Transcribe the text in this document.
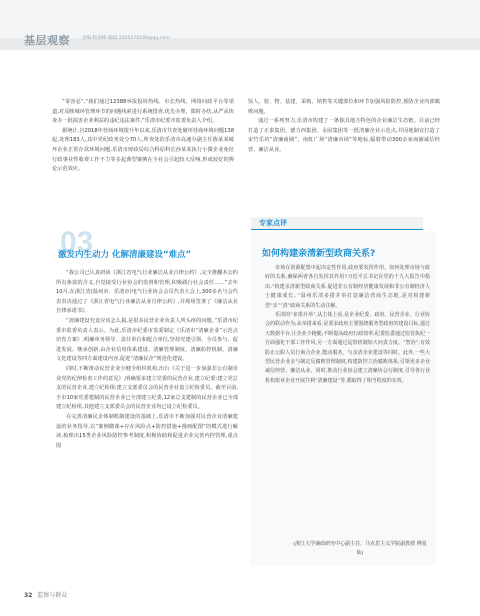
基层观察	责编:程海峰 邮箱:2005470149@qq.com

“零容忍”,“我们通过12388举报投诉热线、市长热线、网络问政平台等渠道,对反映城环管理环节的问题线索进行系统排查,优先办理、限时办结,从严从快查办一批损害企业利益的违纪违法案件,”乐清市纪委市监委负责人介绍。

据统计,自2018年营商环境提升年以来,乐清市共查处破坏营商环境问题138起,处理183人,其中党纪政务处分70人,所查处的乐清市高速办副主任陈某某破坏企业正常存款环境问题,乐清市财政局综合科原科长孙某某执行小微企业免征行政事业性收费工作不力等多起典型案例在全社会引起较大反响,形成较好的舆论示范效应。

饭人、射、物、基建、采购、销售等关键部位和环节加强风险防控,预防企业内部腐败问题。

通过一系列努力,乐清市构建了一条独具地方特色的企业廉洁生态链。目前已经打造了正泰集团、德力西集团、永固集团等一批清廉企业示范点,并因地制宜打造了宋竹乐坊“清廉商圈”、南虹广场“清廉市场”等地标,辐射带动300余家商铺诚信经营、廉洁从业。

03
激发内生动力 化解清廉建设“难点”

“我公司已认真研读《浙江省电气行业廉洁从业自律公约》,完全推翻本公约所有条款的含义,自觉接受行业协会的监督和管理,积极践行社会责任……”去年10月,在浙江省(温州市、乐清市)电气行业协会会员代表大会上,300多名与会代表表决通过了《浙江省电气行业廉洁从业自律公约》,并现场签署了《廉洁从业自律承诺书》。

“清廉建设究竟应该怎么搞,是很多民营企业负责人所头疼的问题。”乐清市纪委市监委负责人表示。为此,乐清市纪委市监委制定《乐清市“清廉企业”示范点培育方案》,明确单务领导、责任单位和配合单位,坚持党建引领、全员参与、促进发展、继承创新,由企业信用体系建设、清廉管理制度、清廉防控机制、清廉文化建设等四方面建设内容,促进“清廉民企”规范化建设。

同时,不断推动民营企业全健全组织机构,出台《关于进一步加强非公有制企业党的纪律检查工作的意见》,明确要求建立党委的民营企业,建立纪委;建立党总支的民营企业,建立纪检组;建立支部委员会的民营企业设立纪检委员。截至目前,全市10家党委建制的民营企业已全部建立纪委,12家总支建制的民营企业已全部建立纪检组,其他建立支部委员会的民营企业均已设立纪检委员。

在完善清廉民企体制机制建设的基础上,乐清市不断加强对民营企业清廉建设的业务指导,以“案例微课+存在风险点+防控措施+漫画配图”的模式进行解读,梳理出15类企业风险防控参考制度,积极协助和促进企业完善内控管理,重点围

专家点评
如何构建亲清新型政商关系?

市场在资源配置中起决定性作用,政府要发挥作用。如何处理市场与政府的关系,确保两者各自发挥其作用?习近平总书记在党的十九大报告中指出:“构建亲清新型政商关系,促进非公有制经济健康发展和非公有制经济人士健康成长。”温州乐清多措并举打造廉洁营商生态链,是对构建新型“亲”“清”政商关系的生动注解。

乐清的“多措并举”,从主体上看,是企业纪委、政府、民营企业、行业协会的联动作为;从举措来看,是要求政府主要围绕服务型政府的建设目标,通过大数据平台,让企业少跑腿;不断提高政府行政效率;纪委监委通过监管执纪一方面强化干部工作作风,另一方面通过巡察机制加大问责力度。“智治”,有效防止公职人员行商合企业,能动服务。与亲清企业建设等同时。此外,一些大型民营企业亲与制定反腐败管理制度,构建防控立治腐败体系,引领更多企业诚信经营、廉洁从业。同时,推动行业协会建立清廉协会行制度,引导各行业机构依章企业开展共利“清廉建设”等,都取得了相当程度的实效。

(浙江大学廉政研究中心副主任、马克思主义学院副教授 傅夏仙)
32 监察与群众
